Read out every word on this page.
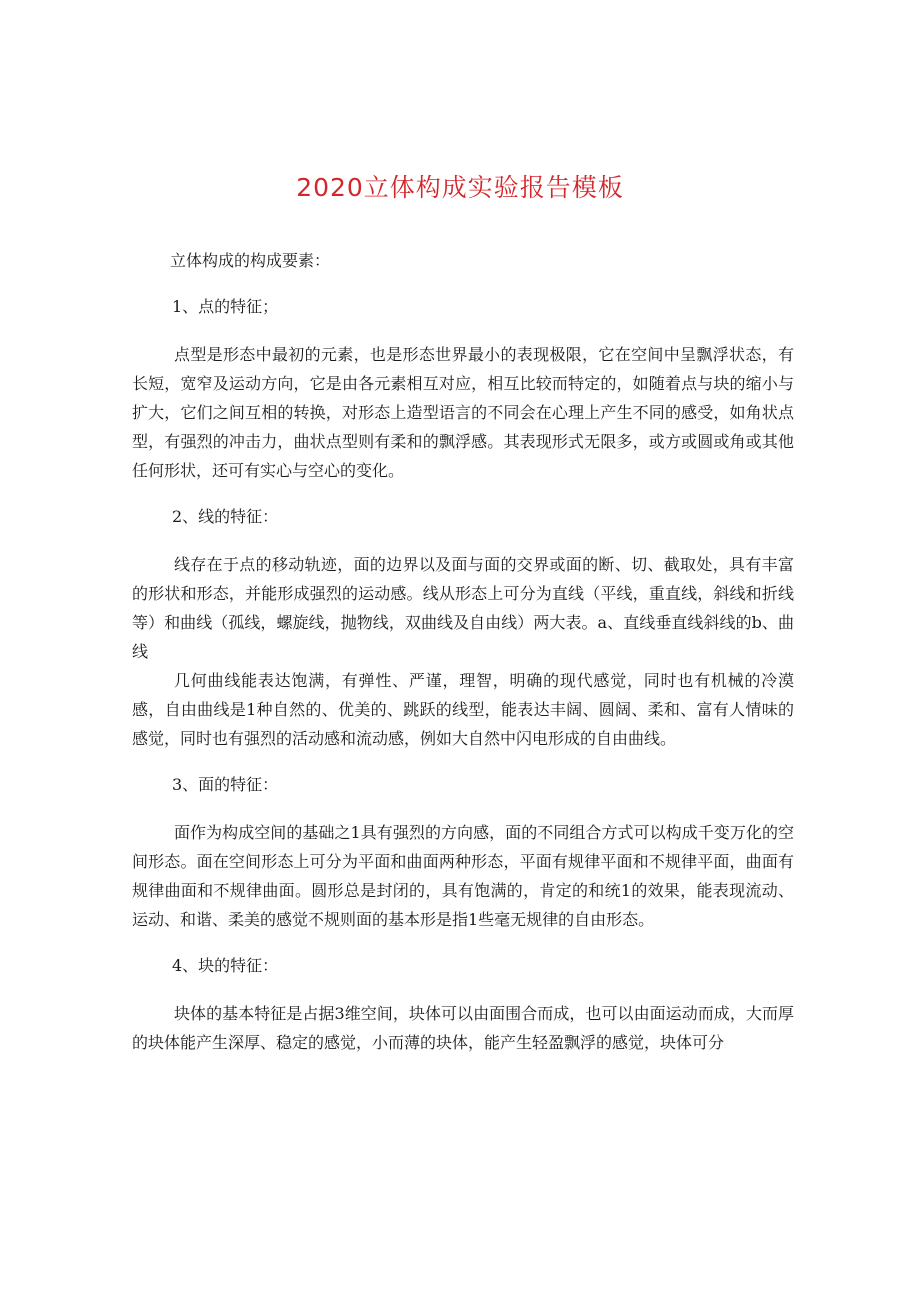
2020立体构成实验报告模板

立体构成的构成要素：

1、点的特征；

点型是形态中最初的元素，也是形态世界最小的表现极限，它在空间中呈飘浮状态，有长短，宽窄及运动方向，它是由各元素相互对应，相互比较而特定的，如随着点与块的缩小与扩大，它们之间互相的转换，对形态上造型语言的不同会在心理上产生不同的感受，如角状点型，有强烈的冲击力，曲状点型则有柔和的飘浮感。其表现形式无限多，或方或圆或角或其他任何形状，还可有实心与空心的变化。

2、线的特征：

线存在于点的移动轨迹，面的边界以及面与面的交界或面的断、切、截取处，具有丰富的形状和形态，并能形成强烈的运动感。线从形态上可分为直线（平线，重直线，斜线和折线等）和曲线（孤线，螺旋线，抛物线，双曲线及自由线）两大表。a、直线垂直线斜线的b、曲线

几何曲线能表达饱满，有弹性、严谨，理智，明确的现代感觉，同时也有机械的冷漠感，自由曲线是1种自然的、优美的、跳跃的线型，能表达丰阔、圆阔、柔和、富有人情味的感觉，同时也有强烈的活动感和流动感，例如大自然中闪电形成的自由曲线。

3、面的特征：

面作为构成空间的基础之1具有强烈的方向感，面的不同组合方式可以构成千变万化的空间形态。面在空间形态上可分为平面和曲面两种形态，平面有规律平面和不规律平面，曲面有规律曲面和不规律曲面。圆形总是封闭的，具有饱满的，肯定的和统1的效果，能表现流动、运动、和谐、柔美的感觉不规则面的基本形是指1些毫无规律的自由形态。

4、块的特征：

块体的基本特征是占据3维空间，块体可以由面围合而成，也可以由面运动而成，大而厚的块体能产生深厚、稳定的感觉，小而薄的块体，能产生轻盈飘浮的感觉，块体可分
